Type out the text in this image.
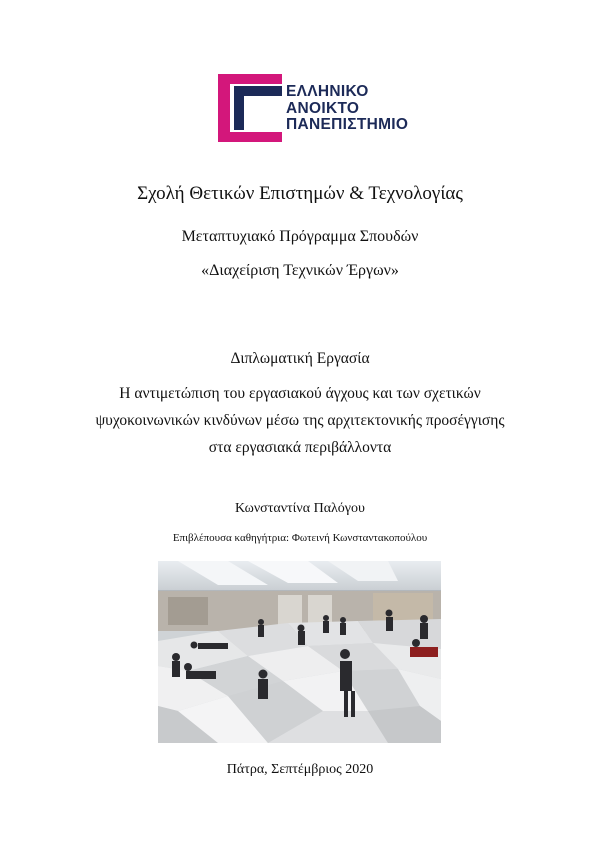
ΕΛΛΗΝΙΚΟ
ΑΝΟΙΚΤΟ
ΠΑΝΕΠΙΣΤΗΜΙΟ
Σχολή Θετικών Επιστημών & Τεχνολογίας
Μεταπτυχιακό Πρόγραμμα Σπουδών
«Διαχείριση Τεχνικών Έργων»
Διπλωματική Εργασία
Η αντιμετώπιση του εργασιακού άγχους και των σχετικών
ψυχοκοινωνικών κινδύνων μέσω της αρχιτεκτονικής προσέγγισης
στα εργασιακά περιβάλλοντα
Κωνσταντίνα Παλόγου
Επιβλέπουσα καθηγήτρια: Φωτεινή Κωνσταντακοπούλου
Πάτρα, Σεπτέμβριος 2020
